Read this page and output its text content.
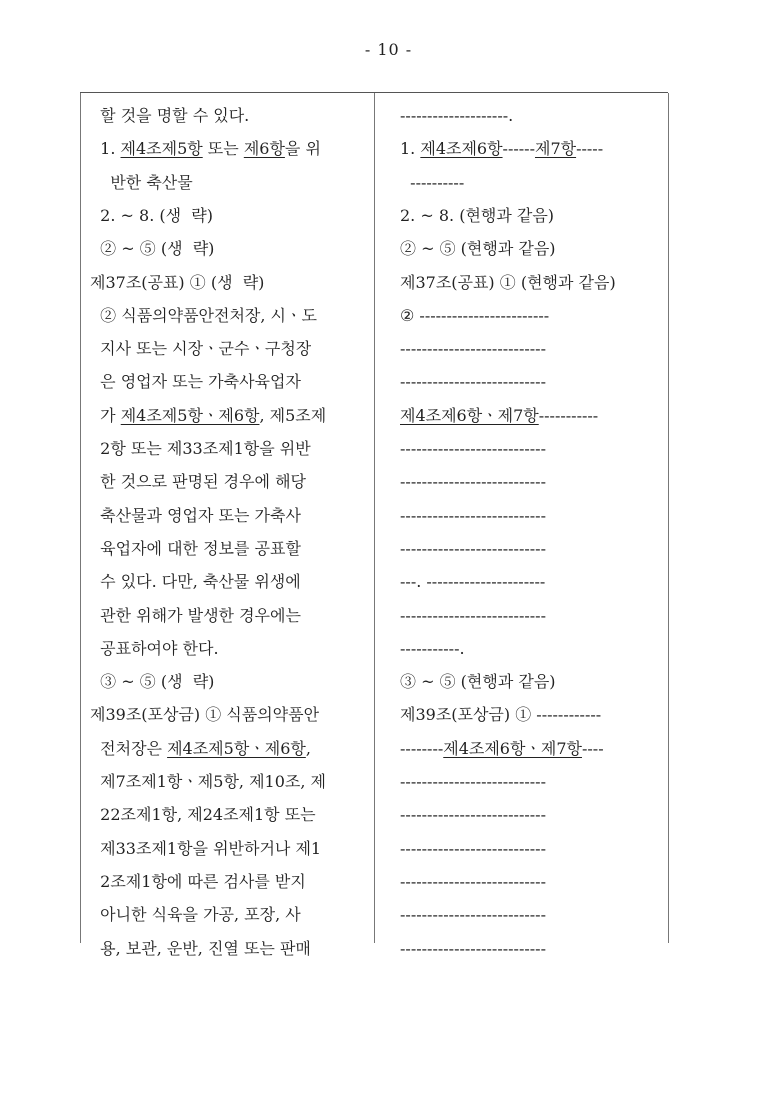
- 10 -
할 것을 명할 수 있다.
1. 제4조제5항 또는 제6항을 위
반한 축산물
2. ~ 8. (생  략)
② ~ ⑤ (생  략)
제37조(공표) ① (생  략)
② 식품의약품안전처장, 시ㆍ도
지사 또는 시장ㆍ군수ㆍ구청장
은 영업자 또는 가축사육업자
가 제4조제5항ㆍ제6항, 제5조제
2항 또는 제33조제1항을 위반
한 것으로 판명된 경우에 해당
축산물과 영업자 또는 가축사
육업자에 대한 정보를 공표할
수 있다. 다만, 축산물 위생에
관한 위해가 발생한 경우에는
공표하여야 한다.
③ ~ ⑤ (생  략)
제39조(포상금) ① 식품의약품안
전처장은 제4조제5항ㆍ제6항,
제7조제1항ㆍ제5항, 제10조, 제
22조제1항, 제24조제1항 또는
제33조제1항을 위반하거나 제1
2조제1항에 따른 검사를 받지
아니한 식육을 가공, 포장, 사
용, 보관, 운반, 진열 또는 판매
--------------------.
1. 제4조제6항------제7항-----
----------
2. ~ 8. (현행과 같음)
② ~ ⑤ (현행과 같음)
제37조(공표) ① (현행과 같음)
② ------------------------
---------------------------
---------------------------
제4조제6항ㆍ제7항-----------
---------------------------
---------------------------
---------------------------
---------------------------
---. ----------------------
---------------------------
-----------.
③ ~ ⑤ (현행과 같음)
제39조(포상금) ① ------------
--------제4조제6항ㆍ제7항----
---------------------------
---------------------------
---------------------------
---------------------------
---------------------------
---------------------------
